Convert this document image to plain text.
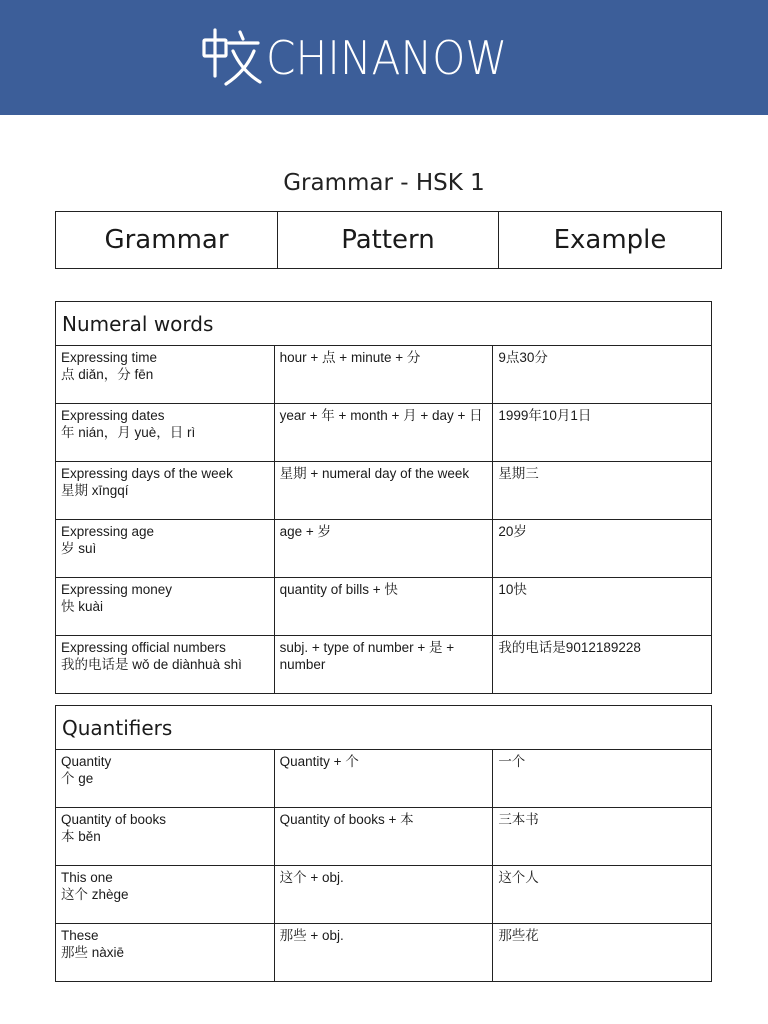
CHINANOW
Grammar - HSK 1
Grammar	Pattern	Example
Numeral words		

Expressing time
点 diǎn，分 fēn	hour + 点 + minute + 分	9点30分

Expressing dates
年 nián，月 yuè，日 rì	year + 年 + month + 月 + day + 日	1999年10月1日

Expressing days of the week
星期 xīngqí	星期 + numeral day of the week	星期三

Expressing age
岁 suì	age + 岁	20岁

Expressing money
快 kuài	quantity of bills + 快	10快

Expressing official numbers
我的电话是 wǒ de diànhuà shì	subj. + type of number + 是 + number	我的电话是9012189228
Quantifiers		

Quantity
个 ge	Quantity + 个	一个

Quantity of books
本 běn	Quantity of books + 本	三本书

This one
这个 zhège	这个 + obj.	这个人

These
那些 nàxiē	那些 + obj.	那些花
